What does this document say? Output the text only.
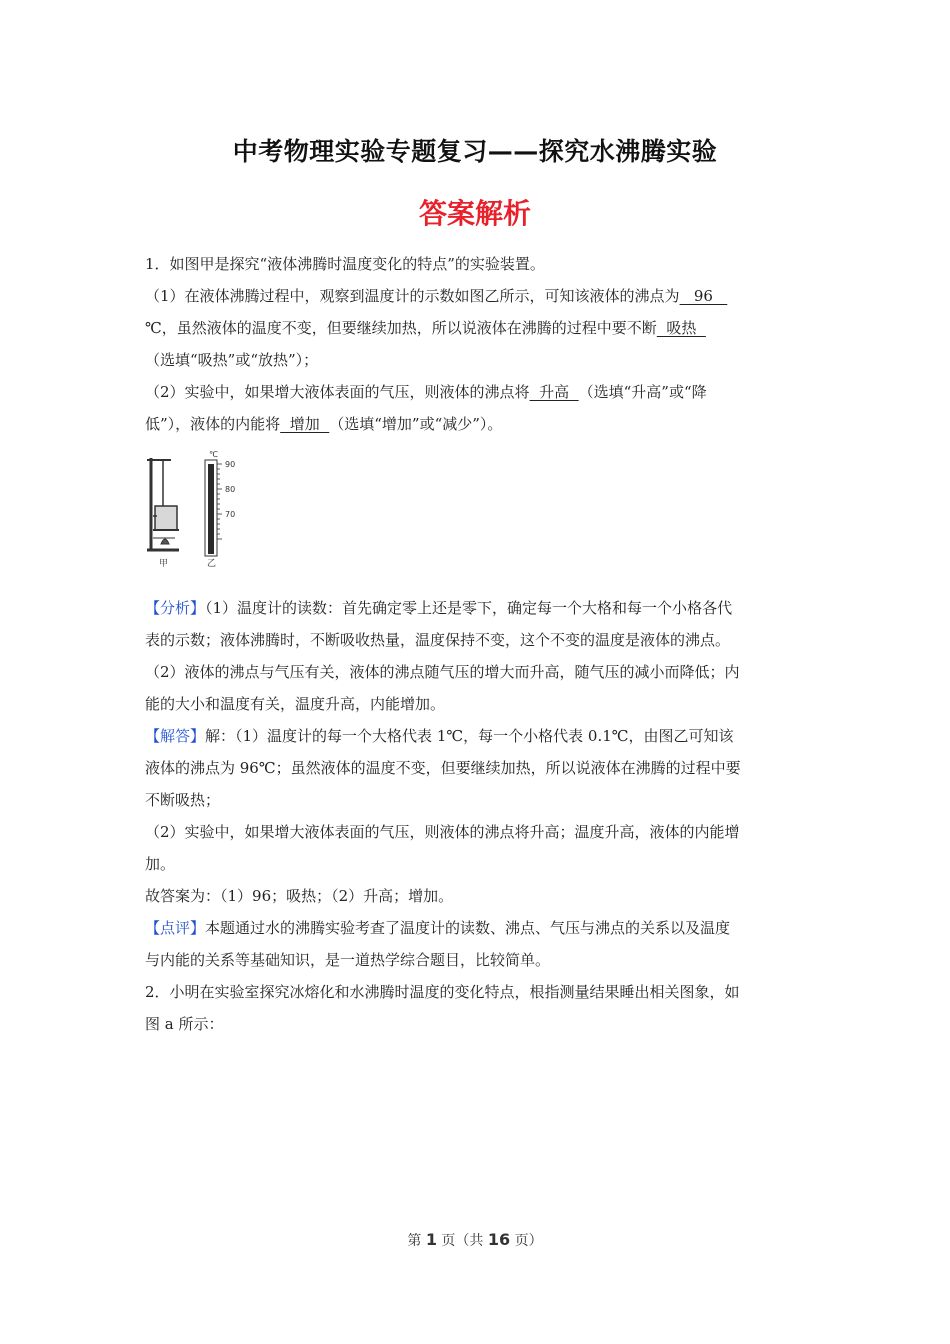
中考物理实验专题复习——探究水沸腾实验
答案解析
1．如图甲是探究“液体沸腾时温度变化的特点”的实验装置。
（1）在液体沸腾过程中，观察到温度计的示数如图乙所示，可知该液体的沸点为   96
℃，虽然液体的温度不变，但要继续加热，所以说液体在沸腾的过程中要不断  吸热
（选填“吸热”或“放热”）；
（2）实验中，如果增大液体表面的气压，则液体的沸点将  升高  （选填“升高”或“降
低”），液体的内能将  增加  （选填“增加”或“减少”）。
℃
90
80
70
甲	乙
【分析】（1）温度计的读数：首先确定零上还是零下，确定每一个大格和每一个小格各代
表的示数；液体沸腾时，不断吸收热量，温度保持不变，这个不变的温度是液体的沸点。
（2）液体的沸点与气压有关，液体的沸点随气压的增大而升高，随气压的减小而降低；内
能的大小和温度有关，温度升高，内能增加。
【解答】解：（1）温度计的每一个大格代表 1℃，每一个小格代表 0.1℃，由图乙可知该
液体的沸点为 96℃；虽然液体的温度不变，但要继续加热，所以说液体在沸腾的过程中要
不断吸热；
（2）实验中，如果增大液体表面的气压，则液体的沸点将升高；温度升高，液体的内能增
加。
故答案为：（1）96；吸热；（2）升高；增加。
【点评】本题通过水的沸腾实验考查了温度计的读数、沸点、气压与沸点的关系以及温度
与内能的关系等基础知识，是一道热学综合题目，比较简单。
2．小明在实验室探究冰熔化和水沸腾时温度的变化特点，根指测量结果睡出相关图象，如
图 a 所示：
第 1 页（共 16 页）
